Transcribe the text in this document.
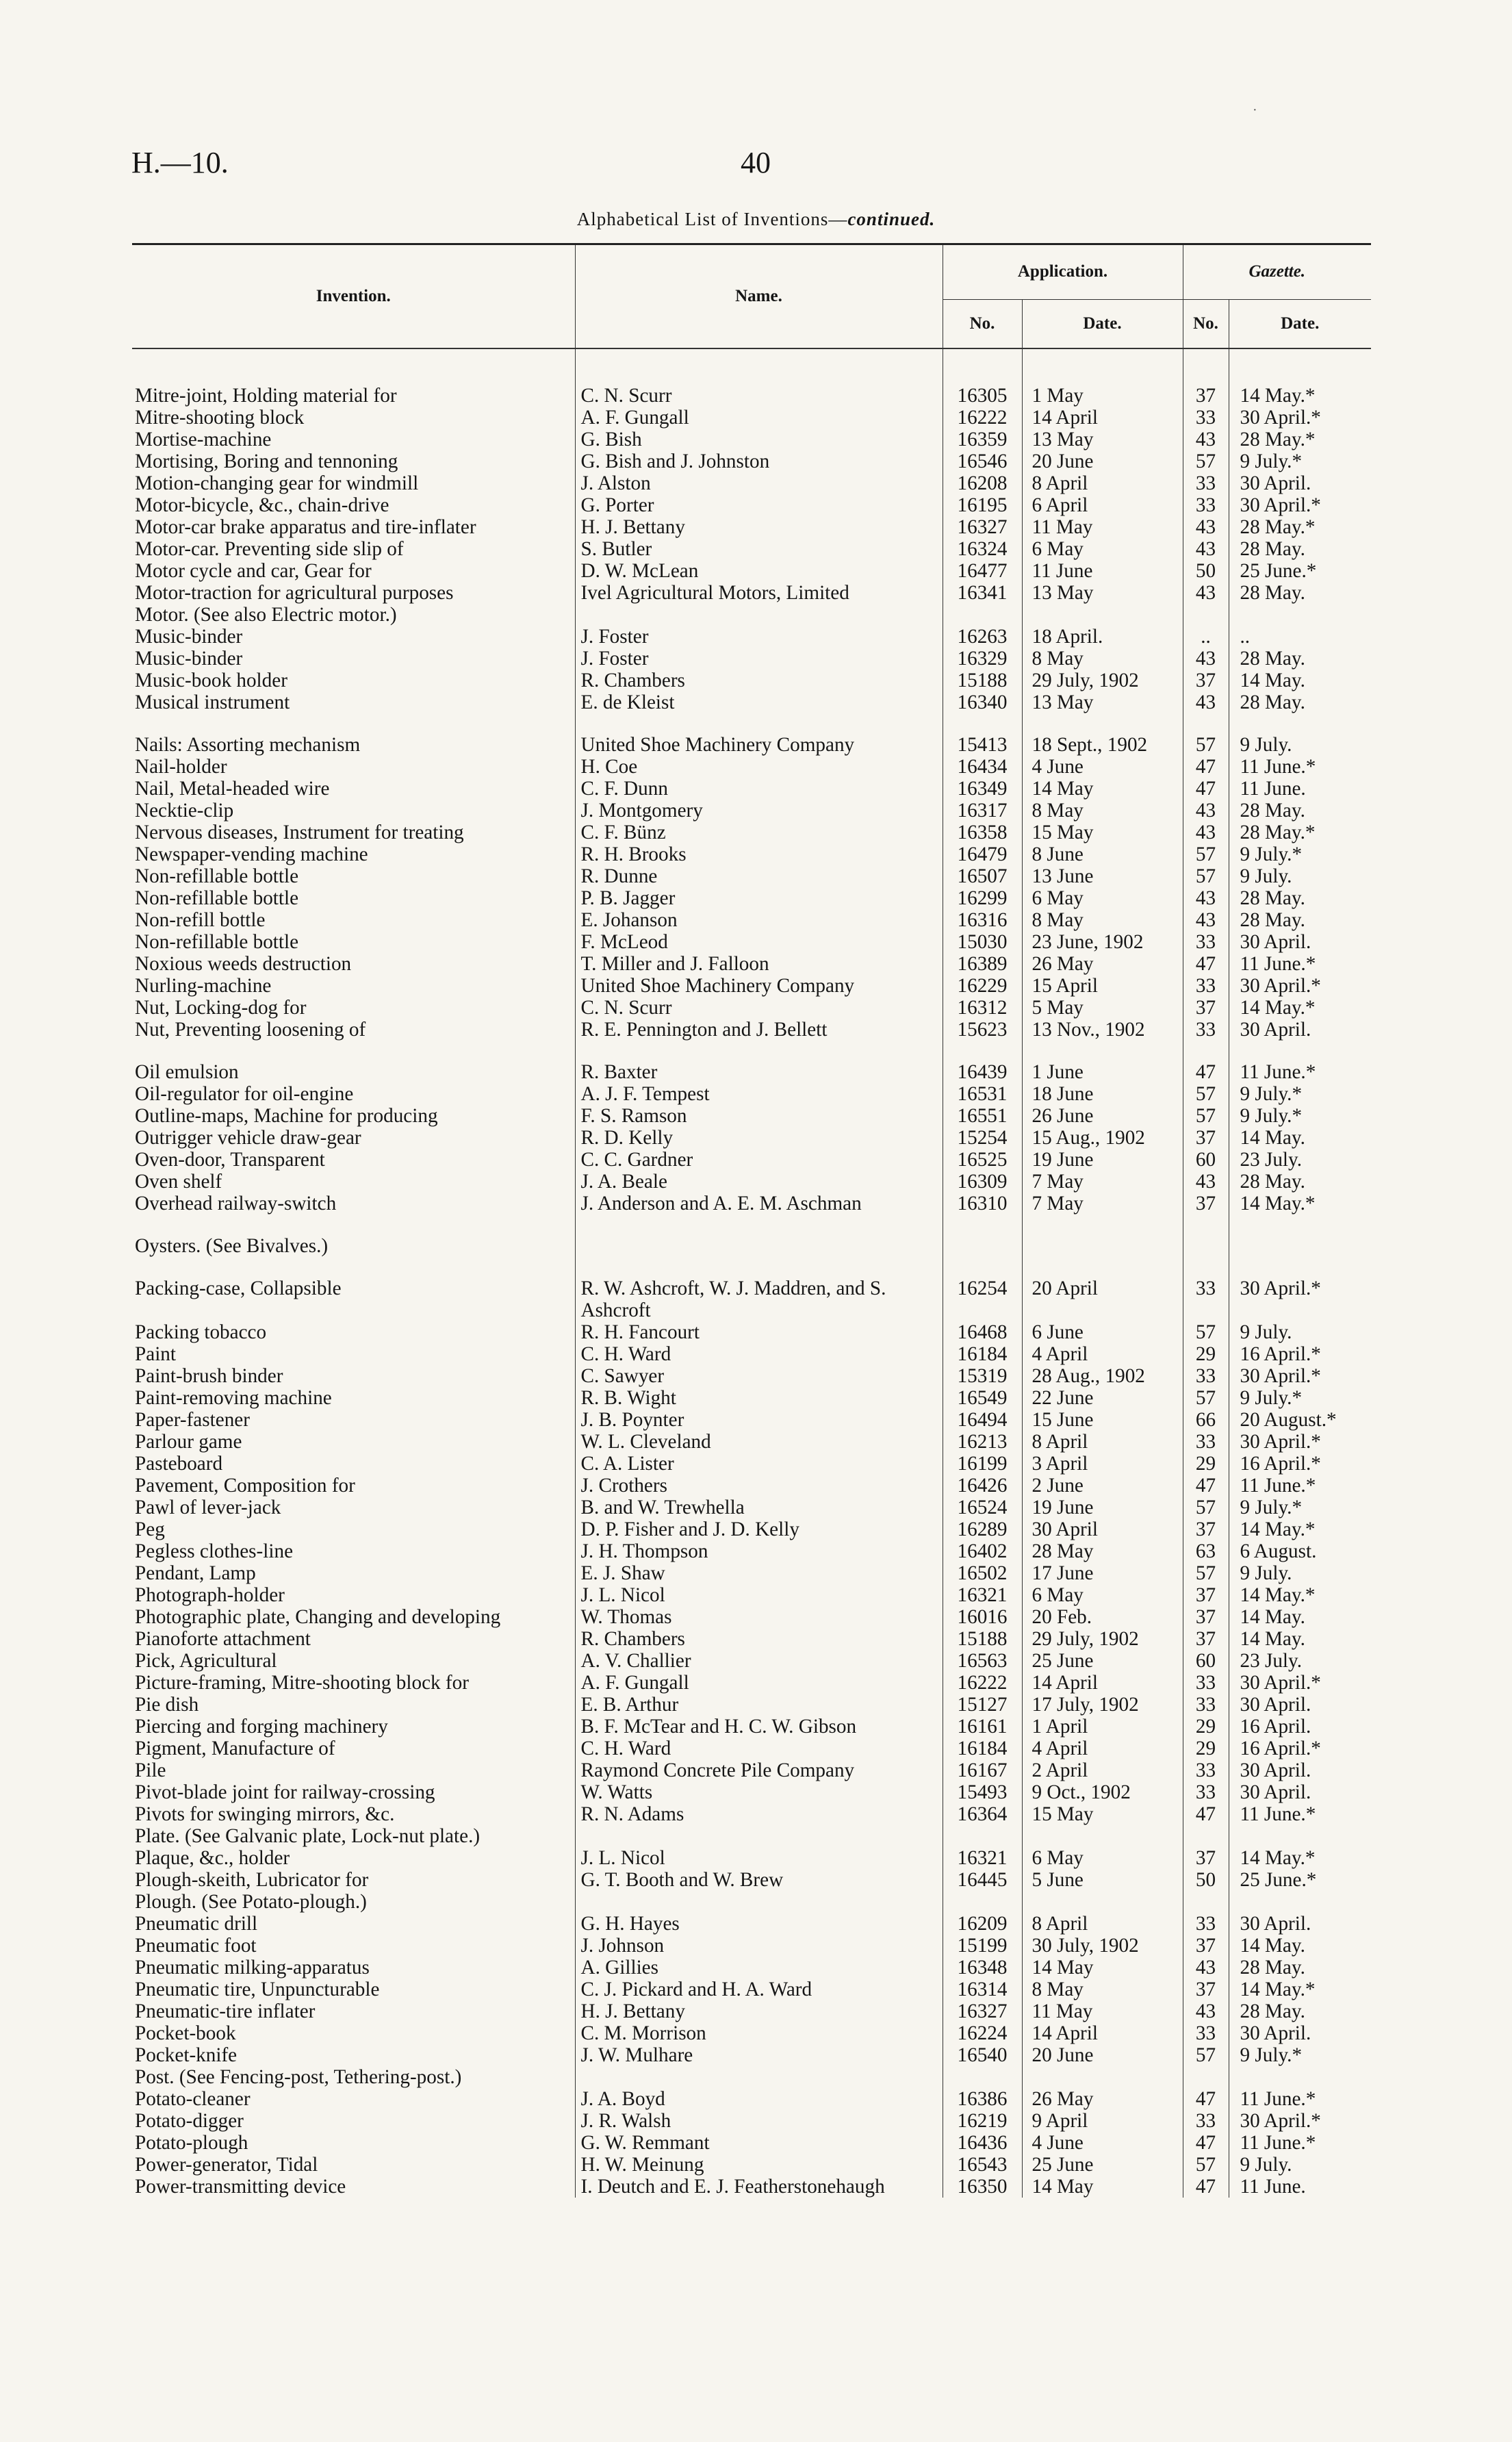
H.—10.	40
Alphabetical List of Inventions—continued.
·
Invention.	Name.	Application.		Gazette.	
		No.	Date.	No.	Date.

Mitre-joint, Holding material for	C. N. Scurr	16305	1 May	37	14 May.*
Mitre-shooting block	A. F. Gungall	16222	14 April	33	30 April.*
Mortise-machine	G. Bish	16359	13 May	43	28 May.*
Mortising, Boring and tennoning	G. Bish and J. Johnston	16546	20 June	57	9 July.*
Motion-changing gear for windmill	J. Alston	16208	8 April	33	30 April.
Motor-bicycle, &c., chain-drive	G. Porter	16195	6 April	33	30 April.*
Motor-car brake apparatus and tire-inflater	H. J. Bettany	16327	11 May	43	28 May.*
Motor-car. Preventing side slip of	S. Butler	16324	6 May	43	28 May.
Motor cycle and car, Gear for	D. W. McLean	16477	11 June	50	25 June.*
Motor-traction for agricultural purposes	Ivel Agricultural Motors, Limited	16341	13 May	43	28 May.
Motor. (See also Electric motor.)					
Music-binder	J. Foster	16263	18 April.	..	..
Music-binder	J. Foster	16329	8 May	43	28 May.
Music-book holder	R. Chambers	15188	29 July, 1902	37	14 May.
Musical instrument	E. de Kleist	16340	13 May	43	28 May.

Nails: Assorting mechanism	United Shoe Machinery Company	15413	18 Sept., 1902	57	9 July.
Nail-holder	H. Coe	16434	4 June	47	11 June.*
Nail, Metal-headed wire	C. F. Dunn	16349	14 May	47	11 June.
Necktie-clip	J. Montgomery	16317	8 May	43	28 May.
Nervous diseases, Instrument for treating	C. F. Bünz	16358	15 May	43	28 May.*
Newspaper-vending machine	R. H. Brooks	16479	8 June	57	9 July.*
Non-refillable bottle	R. Dunne	16507	13 June	57	9 July.
Non-refillable bottle	P. B. Jagger	16299	6 May	43	28 May.
Non-refill bottle	E. Johanson	16316	8 May	43	28 May.
Non-refillable bottle	F. McLeod	15030	23 June, 1902	33	30 April.
Noxious weeds destruction	T. Miller and J. Falloon	16389	26 May	47	11 June.*
Nurling-machine	United Shoe Machinery Company	16229	15 April	33	30 April.*
Nut, Locking-dog for	C. N. Scurr	16312	5 May	37	14 May.*
Nut, Preventing loosening of	R. E. Pennington and J. Bellett	15623	13 Nov., 1902	33	30 April.

Oil emulsion	R. Baxter	16439	1 June	47	11 June.*
Oil-regulator for oil-engine	A. J. F. Tempest	16531	18 June	57	9 July.*
Outline-maps, Machine for producing	F. S. Ramson	16551	26 June	57	9 July.*
Outrigger vehicle draw-gear	R. D. Kelly	15254	15 Aug., 1902	37	14 May.
Oven-door, Transparent	C. C. Gardner	16525	19 June	60	23 July.
Oven shelf	J. A. Beale	16309	7 May	43	28 May.
Overhead railway-switch	J. Anderson and A. E. M. Aschman	16310	7 May	37	14 May.*

Oysters. (See Bivalves.)					

Packing-case, Collapsible	R. W. Ashcroft, W. J. Maddren, and S. Ashcroft	16254	20 April	33	30 April.*
Packing tobacco	R. H. Fancourt	16468	6 June	57	9 July.
Paint	C. H. Ward	16184	4 April	29	16 April.*
Paint-brush binder	C. Sawyer	15319	28 Aug., 1902	33	30 April.*
Paint-removing machine	R. B. Wight	16549	22 June	57	9 July.*
Paper-fastener	J. B. Poynter	16494	15 June	66	20 August.*
Parlour game	W. L. Cleveland	16213	8 April	33	30 April.*
Pasteboard	C. A. Lister	16199	3 April	29	16 April.*
Pavement, Composition for	J. Crothers	16426	2 June	47	11 June.*
Pawl of lever-jack	B. and W. Trewhella	16524	19 June	57	9 July.*
Peg	D. P. Fisher and J. D. Kelly	16289	30 April	37	14 May.*
Pegless clothes-line	J. H. Thompson	16402	28 May	63	6 August.
Pendant, Lamp	E. J. Shaw	16502	17 June	57	9 July.
Photograph-holder	J. L. Nicol	16321	6 May	37	14 May.*
Photographic plate, Changing and developing	W. Thomas	16016	20 Feb.	37	14 May.
Pianoforte attachment	R. Chambers	15188	29 July, 1902	37	14 May.
Pick, Agricultural	A. V. Challier	16563	25 June	60	23 July.
Picture-framing, Mitre-shooting block for	A. F. Gungall	16222	14 April	33	30 April.*
Pie dish	E. B. Arthur	15127	17 July, 1902	33	30 April.
Piercing and forging machinery	B. F. McTear and H. C. W. Gibson	16161	1 April	29	16 April.
Pigment, Manufacture of	C. H. Ward	16184	4 April	29	16 April.*
Pile	Raymond Concrete Pile Company	16167	2 April	33	30 April.
Pivot-blade joint for railway-crossing	W. Watts	15493	9 Oct., 1902	33	30 April.
Pivots for swinging mirrors, &c.	R. N. Adams	16364	15 May	47	11 June.*
Plate. (See Galvanic plate, Lock-nut plate.)					
Plaque, &c., holder	J. L. Nicol	16321	6 May	37	14 May.*
Plough-skeith, Lubricator for	G. T. Booth and W. Brew	16445	5 June	50	25 June.*
Plough. (See Potato-plough.)					
Pneumatic drill	G. H. Hayes	16209	8 April	33	30 April.
Pneumatic foot	J. Johnson	15199	30 July, 1902	37	14 May.
Pneumatic milking-apparatus	A. Gillies	16348	14 May	43	28 May.
Pneumatic tire, Unpuncturable	C. J. Pickard and H. A. Ward	16314	8 May	37	14 May.*
Pneumatic-tire inflater	H. J. Bettany	16327	11 May	43	28 May.
Pocket-book	C. M. Morrison	16224	14 April	33	30 April.
Pocket-knife	J. W. Mulhare	16540	20 June	57	9 July.*
Post. (See Fencing-post, Tethering-post.)					
Potato-cleaner	J. A. Boyd	16386	26 May	47	11 June.*
Potato-digger	J. R. Walsh	16219	9 April	33	30 April.*
Potato-plough	G. W. Remmant	16436	4 June	47	11 June.*
Power-generator, Tidal	H. W. Meinung	16543	25 June	57	9 July.
Power-transmitting device	I. Deutch and E. J. Featherstonehaugh	16350	14 May	47	11 June.
